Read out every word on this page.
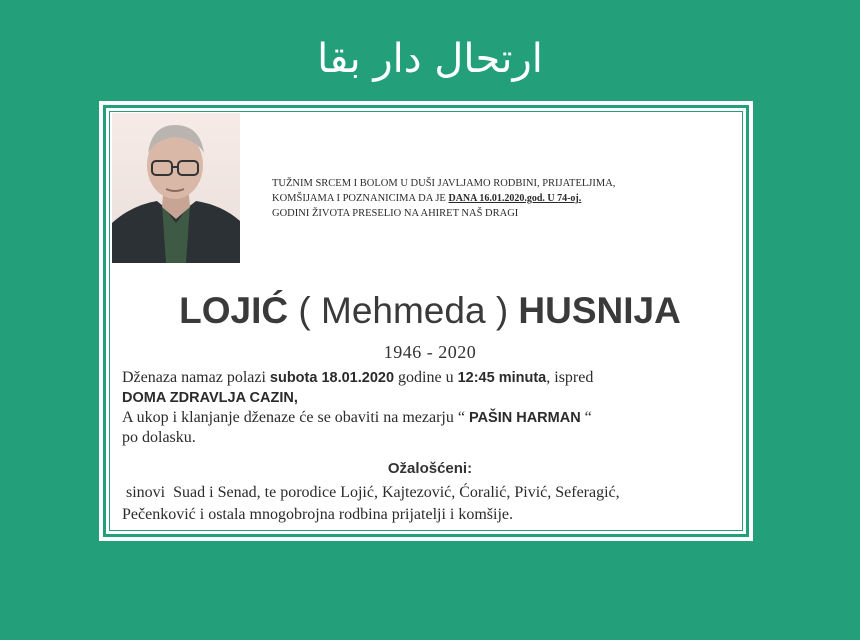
ارتحال دار بقا
TUŽNIM SRCEM I BOLOM U DUŠI JAVLJAMO RODBINI, PRIJATELJIMA,
KOMŠIJAMA I POZNANICIMA DA JE DANA 16.01.2020.god. U 74-oj.
GODINI ŽIVOTA PRESELIO NA AHIRET NAŠ DRAGI
LOJIĆ ( Mehmeda ) HUSNIJA
1946 - 2020
Dženaza namaz polazi subota 18.01.2020 godine u 12:45 minuta, ispred
DOMA ZDRAVLJA CAZIN,
A ukop i klanjanje dženaze će se obaviti na mezarju “ PAŠIN HARMAN “
po dolasku.
Ožalošćeni:
sinovi  Suad i Senad, te porodice Lojić, Kajtezović, Ćoralić, Pivić, Seferagić,
Pečenković i ostala mnogobrojna rodbina prijatelji i komšije.
